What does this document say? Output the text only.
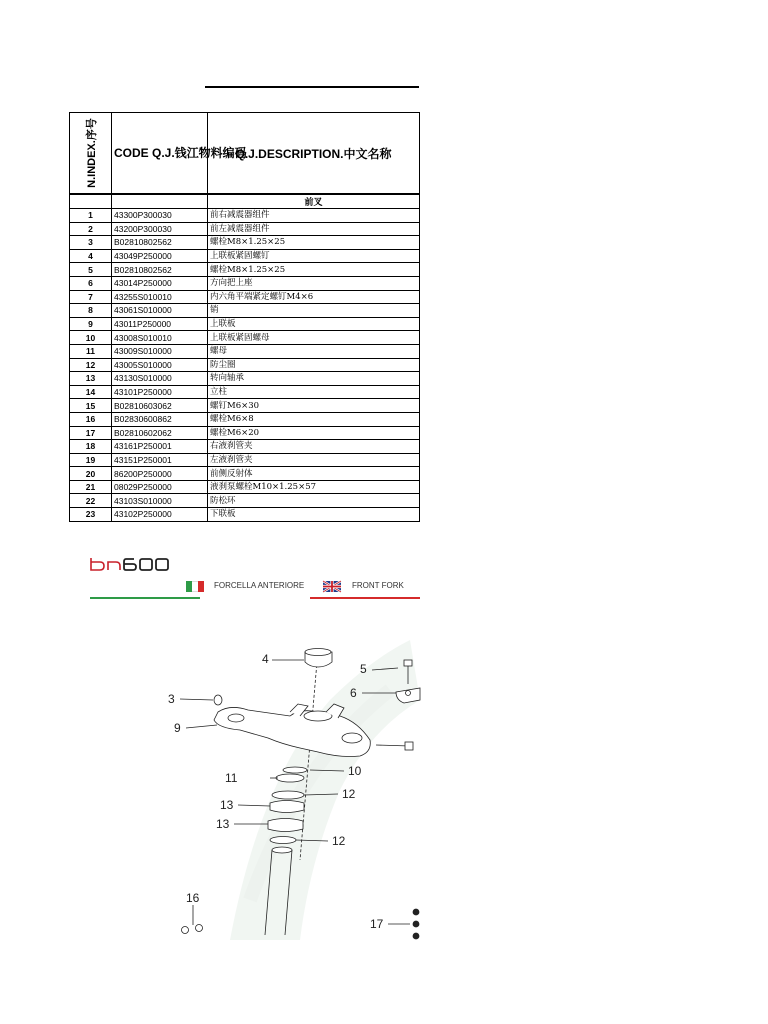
N.INDEX.序号	CODE Q.J.钱江物料编码	Q.J.DESCRIPTION.中文名称
		前叉
1	43300P300030	前右减震器组件
2	43200P300030	前左减震器组件
3	B02810802562	螺栓M8×1.25×25
4	43049P250000	上联板紧固螺钉
5	B02810802562	螺栓M8×1.25×25
6	43014P250000	方向把上座
7	43255S010010	内六角平端紧定螺钉M4×6
8	43061S010000	销
9	43011P250000	上联板
10	43008S010010	上联板紧固螺母
11	43009S010000	螺母
12	43005S010000	防尘圈
13	43130S010000	转向轴承
14	43101P250000	立柱
15	B02810603062	螺钉M6×30
16	B02830600862	螺栓M6×8
17	B02810602062	螺栓M6×20
18	43161P250001	右液刹管夹
19	43151P250001	左液刹管夹
20	86200P250000	前侧反射体
21	08029P250000	液刹泵螺栓M10×1.25×57
22	43103S010000	防松环
23	43102P250000	下联板
bn600
FORCELLA ANTERIORE	FRONT FORK
4
5
6
3
9
11	10
12
13
13
12
16
17
